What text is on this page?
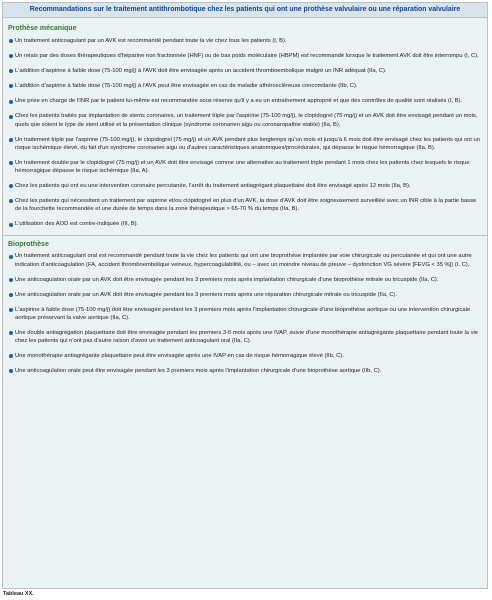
Recommandations sur le traitement antithrombotique chez les patients qui ont une prothèse valvulaire ou une réparation valvulaire
Prothèse mécanique
Un traitement anticoagulant par un AVK est recommandé pendant toute la vie chez tous les patients (I, B).
Un relais par des doses thérapeutiques d'héparine non fractionnée (HNF) ou de bas poids moléculaire (HBPM) est recommandé lorsque le traitement AVK doit être interrompu (I, C).
L'addition d'aspirine à faible dose (75-100 mg/j) à l'AVK doit être envisagée après un accident thromboembolique malgré un INR adéquat (IIa, C).
L'addition d'aspirine à faible dose (75-100 mg/j) à l'AVK peut être envisagée en cas de maladie athéroscléreuse concomitante (IIb, C).
Une prise en charge de l'INR par le patient lui-même est recommandée sous réserve qu'il y a eu un entraînement approprié et que des contrôles de qualité sont réalisés (I, B).
Chez les patients traités par implantation de stents coronaires, un traitement triple par l'aspirine (75-100 mg/j), le clopidogrel (75 mg/j) et un AVK doit être envisagé pendant un mois, quels que soient le type de stent utilisé et la présentation clinique (syndrome coronarien aigu ou coronaropathie stable) (IIa, B).
Un traitement triple par l'aspirine (75-100 mg/j), le clopidogrel (75 mg/j) et un AVK pendant plus longtemps qu'un mois et jusqu'à 6 mois doit être envisagé chez les patients qui ont un risque ischémique élevé, du fait d'un syndrome coronarien aigu ou d'autres caractéristiques anatomiques/procédurales, qui dépasse le risque hémorragique (IIa, B).
Un traitement double par le clopidogrel (75 mg/j) et un AVK doit être envisagé comme une alternative au traitement triple pendant 1 mois chez les patients chez lesquels le risque hémorragique dépasse le risque ischémique (IIa, A).
Chez les patients qui ont eu une intervention coronaire percutanée, l'arrêt du traitement antiagrégant plaquettaire doit être envisagé après 12 mois (IIa, B).
Chez les patients qui nécessitent un traitement par aspirine et/ou clopidogrel en plus d'un AVK, la dose d'AVK doit être soigneusement surveillée avec un INR cible à la partie basse de la fourchette recommandée et une durée de temps dans la zone thérapeutique > 65-70 % du temps (IIa, B).
L'utilisation des AOD est contre-indiquée (III, B).
Bioprothèse
Un traitement anticoagulant oral est recommandé pendant toute la vie chez les patients qui ont une bioprothèse implantée par voie chirurgicale ou percutanée et qui ont une autre indication d'anticoagulation (FA, accident thromboembolique veineux, hypercoagulabilité, ou – avec un moindre niveau de preuve – dysfonction VG sévère [FEVG < 35 %]) (I, C).
Une anticoagulation orale par un AVK doit être envisagée pendant les 3 premiers mois après implantation chirurgicale d'une bioprothèse mitrale ou tricuspide (IIa, C).
Une anticoagulation orale par un AVK doit être envisagée pendant les 3 premiers mois après une réparation chirurgicale mitrale ou tricuspide (IIa, C).
L'aspirine à faible dose (75-100 mg/j) doit être envisagée pendant les 3 premiers mois après l'implantation chirurgicale d'une bioprothèse aortique ou une intervention chirurgicale aortique préservant la valve aortique (IIa, C).
Une double antiagrégation plaquettaire doit être envisagée pendant les premiers 3-6 mois après une IVAP, suivie d'une monothérapie antiagrégante plaquettaire pendant toute la vie chez les patients qui n'ont pas d'autre raison d'avoir un traitement anticoagulant oral (IIa, C).
Une monothérapie antiagrégante plaquettaire peut être envisagée après une IVAP en cas de risque hémorragique élevé (IIb, C).
Une anticoagulation orale peut être envisagée pendant les 3 premiers mois après l'implantation chirurgicale d'une bioprothèse aortique (IIb, C).
Tableau XX.
